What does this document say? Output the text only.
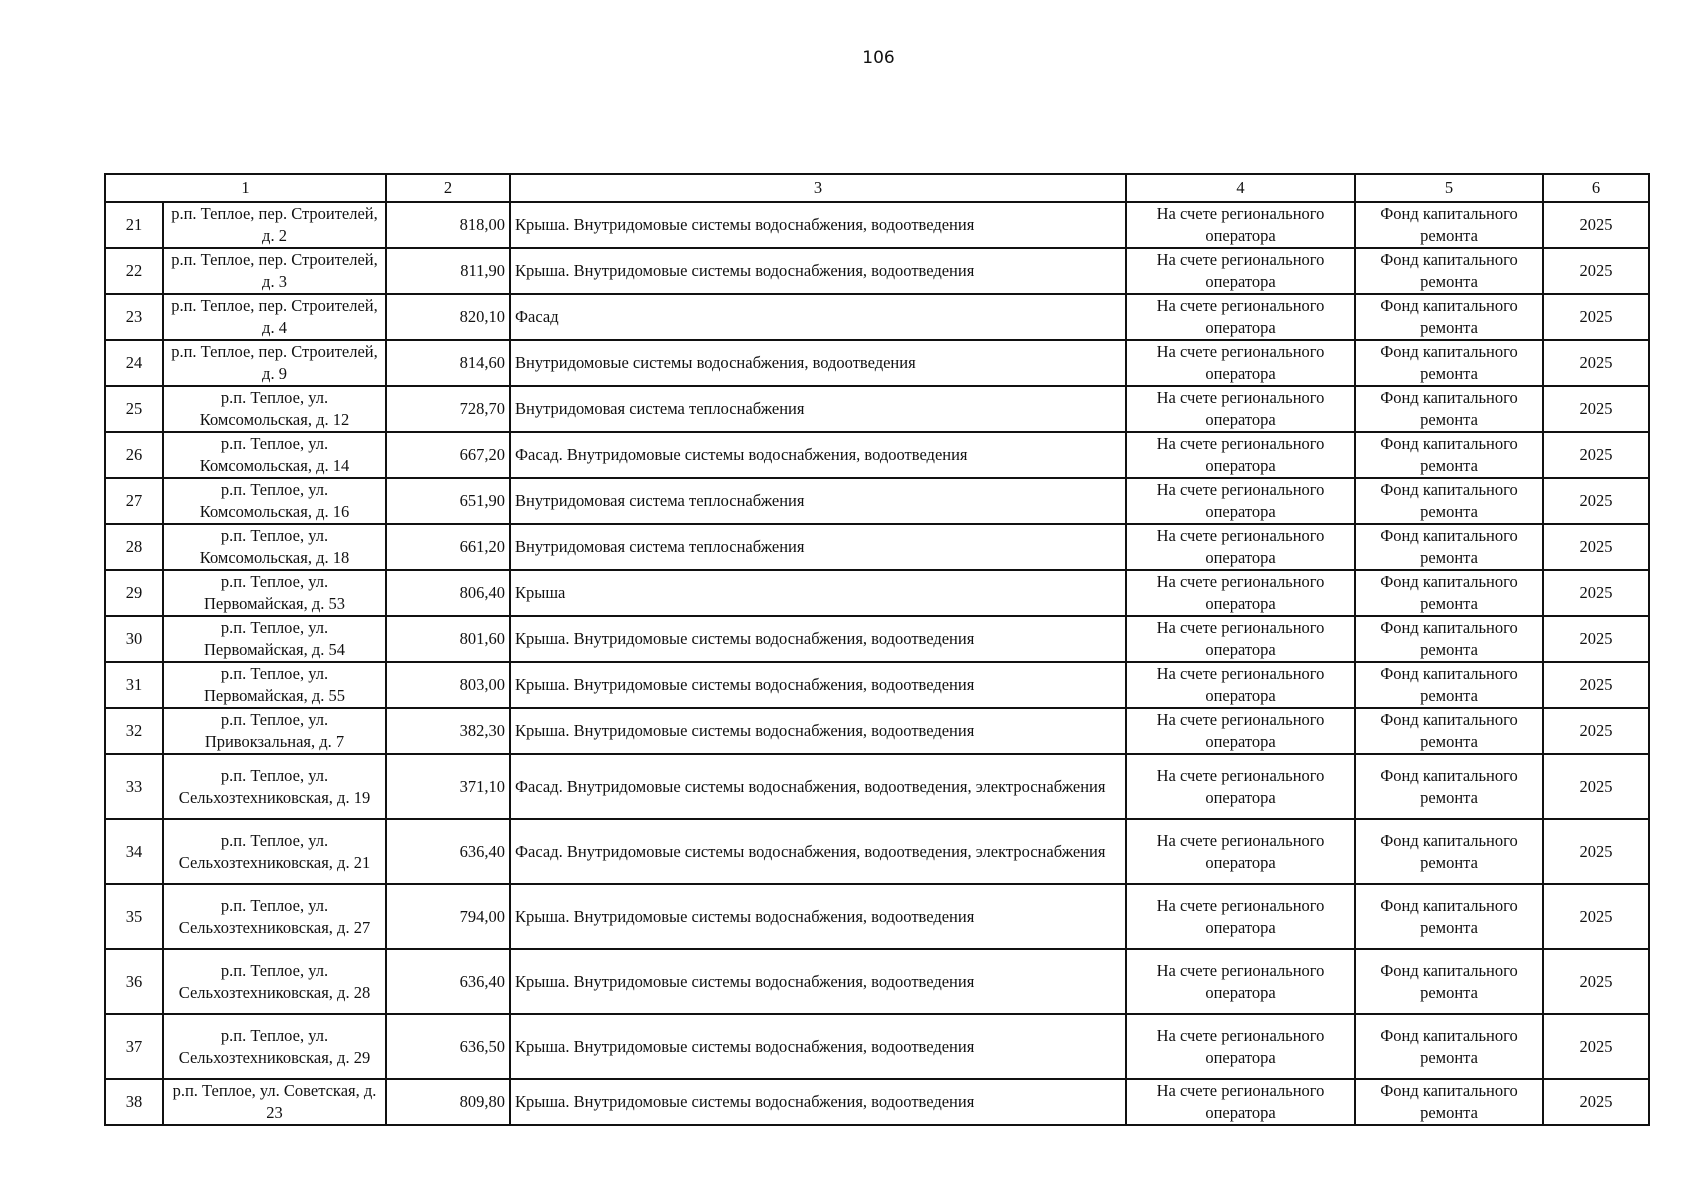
106
1		2	3	4	5	6
21	р.п. Теплое, пер. Строителей, д. 2	818,00	Крыша. Внутридомовые системы водоснабжения, водоотведения	На счете регионального оператора	Фонд капитального ремонта	2025
22	р.п. Теплое, пер. Строителей, д. 3	811,90	Крыша. Внутридомовые системы водоснабжения, водоотведения	На счете регионального оператора	Фонд капитального ремонта	2025
23	р.п. Теплое, пер. Строителей, д. 4	820,10	Фасад	На счете регионального оператора	Фонд капитального ремонта	2025
24	р.п. Теплое, пер. Строителей, д. 9	814,60	Внутридомовые системы водоснабжения, водоотведения	На счете регионального оператора	Фонд капитального ремонта	2025
25	р.п. Теплое, ул. Комсомольская, д. 12	728,70	Внутридомовая система теплоснабжения	На счете регионального оператора	Фонд капитального ремонта	2025
26	р.п. Теплое, ул. Комсомольская, д. 14	667,20	Фасад. Внутридомовые системы водоснабжения, водоотведения	На счете регионального оператора	Фонд капитального ремонта	2025
27	р.п. Теплое, ул. Комсомольская, д. 16	651,90	Внутридомовая система теплоснабжения	На счете регионального оператора	Фонд капитального ремонта	2025
28	р.п. Теплое, ул. Комсомольская, д. 18	661,20	Внутридомовая система теплоснабжения	На счете регионального оператора	Фонд капитального ремонта	2025
29	р.п. Теплое, ул. Первомайская, д. 53	806,40	Крыша	На счете регионального оператора	Фонд капитального ремонта	2025
30	р.п. Теплое, ул. Первомайская, д. 54	801,60	Крыша. Внутридомовые системы водоснабжения, водоотведения	На счете регионального оператора	Фонд капитального ремонта	2025
31	р.п. Теплое, ул. Первомайская, д. 55	803,00	Крыша. Внутридомовые системы водоснабжения, водоотведения	На счете регионального оператора	Фонд капитального ремонта	2025
32	р.п. Теплое, ул. Привокзальная, д. 7	382,30	Крыша. Внутридомовые системы водоснабжения, водоотведения	На счете регионального оператора	Фонд капитального ремонта	2025
33	р.п. Теплое, ул. Сельхозтехниковская, д. 19	371,10	Фасад. Внутридомовые системы водоснабжения, водоотведения, электроснабжения	На счете регионального оператора	Фонд капитального ремонта	2025
34	р.п. Теплое, ул. Сельхозтехниковская, д. 21	636,40	Фасад. Внутридомовые системы водоснабжения, водоотведения, электроснабжения	На счете регионального оператора	Фонд капитального ремонта	2025
35	р.п. Теплое, ул. Сельхозтехниковская, д. 27	794,00	Крыша. Внутридомовые системы водоснабжения, водоотведения	На счете регионального оператора	Фонд капитального ремонта	2025
36	р.п. Теплое, ул. Сельхозтехниковская, д. 28	636,40	Крыша. Внутридомовые системы водоснабжения, водоотведения	На счете регионального оператора	Фонд капитального ремонта	2025
37	р.п. Теплое, ул. Сельхозтехниковская, д. 29	636,50	Крыша. Внутридомовые системы водоснабжения, водоотведения	На счете регионального оператора	Фонд капитального ремонта	2025
38	р.п. Теплое, ул. Советская, д. 23	809,80	Крыша. Внутридомовые системы водоснабжения, водоотведения	На счете регионального оператора	Фонд капитального ремонта	2025
